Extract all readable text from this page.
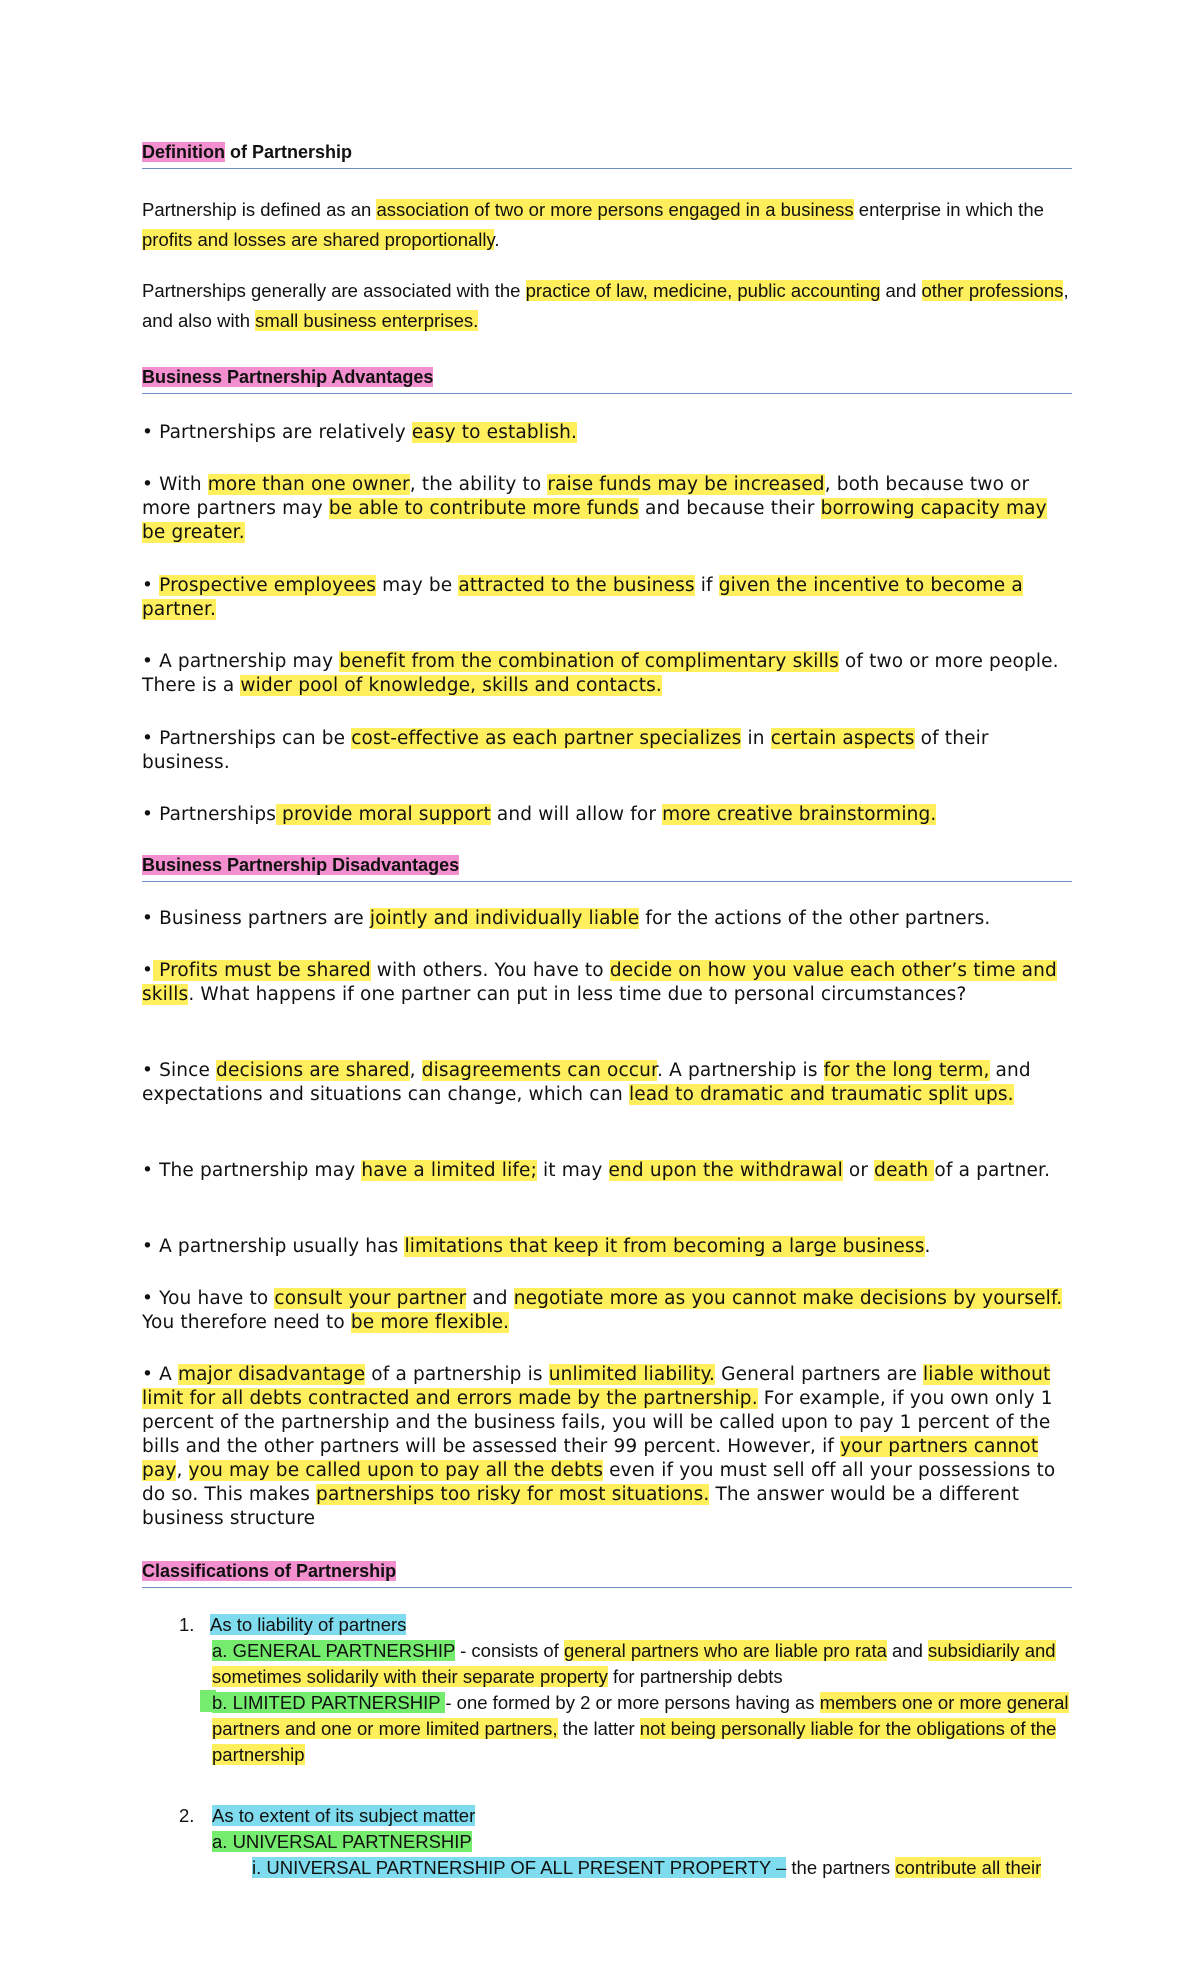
Definition of Partnership
Partnership is defined as an association of two or more persons engaged in a business enterprise in which the profits and losses are shared proportionally.
Partnerships generally are associated with the practice of law, medicine, public accounting and other professions, and also with small business enterprises.
Business Partnership Advantages
• Partnerships are relatively easy to establish.
• With more than one owner, the ability to raise funds may be increased, both because two or more partners may be able to contribute more funds and because their borrowing capacity may be greater.
• Prospective employees may be attracted to the business if given the incentive to become a partner.
• A partnership may benefit from the combination of complimentary skills of two or more people. There is a wider pool of knowledge, skills and contacts.
• Partnerships can be cost-effective as each partner specializes in certain aspects of their business.
• Partnerships provide moral support and will allow for more creative brainstorming.
Business Partnership Disadvantages
• Business partners are jointly and individually liable for the actions of the other partners.
• Profits must be shared with others. You have to decide on how you value each other’s time and skills. What happens if one partner can put in less time due to personal circumstances?
• Since decisions are shared, disagreements can occur. A partnership is for the long term, and expectations and situations can change, which can lead to dramatic and traumatic split ups.
• The partnership may have a limited life; it may end upon the withdrawal or death of a partner.
• A partnership usually has limitations that keep it from becoming a large business.
• You have to consult your partner and negotiate more as you cannot make decisions by yourself. You therefore need to be more flexible.
• A major disadvantage of a partnership is unlimited liability. General partners are liable without limit for all debts contracted and errors made by the partnership. For example, if you own only 1 percent of the partnership and the business fails, you will be called upon to pay 1 percent of the bills and the other partners will be assessed their 99 percent. However, if your partners cannot pay, you may be called upon to pay all the debts even if you must sell off all your possessions to do so. This makes partnerships too risky for most situations. The answer would be a different business structure
Classifications of Partnership
1. As to liability of partners
a. GENERAL PARTNERSHIP - consists of general partners who are liable pro rata and subsidiarily and sometimes solidarily with their separate property for partnership debts
b. LIMITED PARTNERSHIP - one formed by 2 or more persons having as members one or more general partners and one or more limited partners, the latter not being personally liable for the obligations of the partnership
2. As to extent of its subject matter
a. UNIVERSAL PARTNERSHIP
i. UNIVERSAL PARTNERSHIP OF ALL PRESENT PROPERTY – the partners contribute all their
